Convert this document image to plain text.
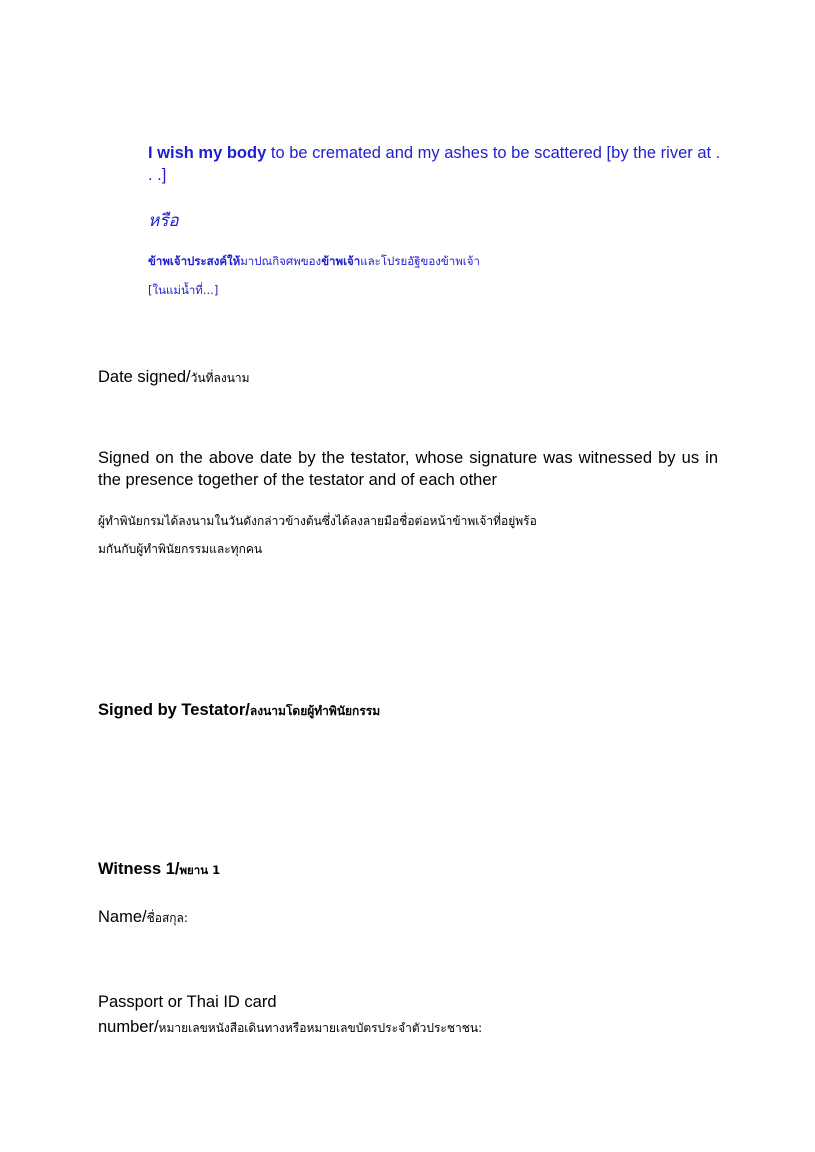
I wish my body to be cremated and my ashes to be scattered [by the river at . . .]

หรือ

ข้าพเจ้าประสงค์ให้มาปณกิจศพของข้าพเจ้าและโปรยอัฐิของข้าพเจ้า

[ในแม่น้ำที่...]

Date signed/วันที่ลงนาม

Signed on the above date by the testator, whose signature was witnessed by us in the presence together of the testator and of each other

ผู้ทำพินัยกรมได้ลงนามในวันดังกล่าวข้างต้นซึ่งได้ลงลายมือชื่อต่อหน้าข้าพเจ้าที่อยู่พร้อ

มกันกับผู้ทำพินัยกรรมและทุกคน

Signed by Testator/ลงนามโดยผู้ทำพินัยกรรม

Witness 1/พยาน 1

Name/ชื่อสกุล:

Passport or Thai ID card

number/หมายเลขหนังสือเดินทางหรือหมายเลขบัตรประจำตัวประชาชน:
